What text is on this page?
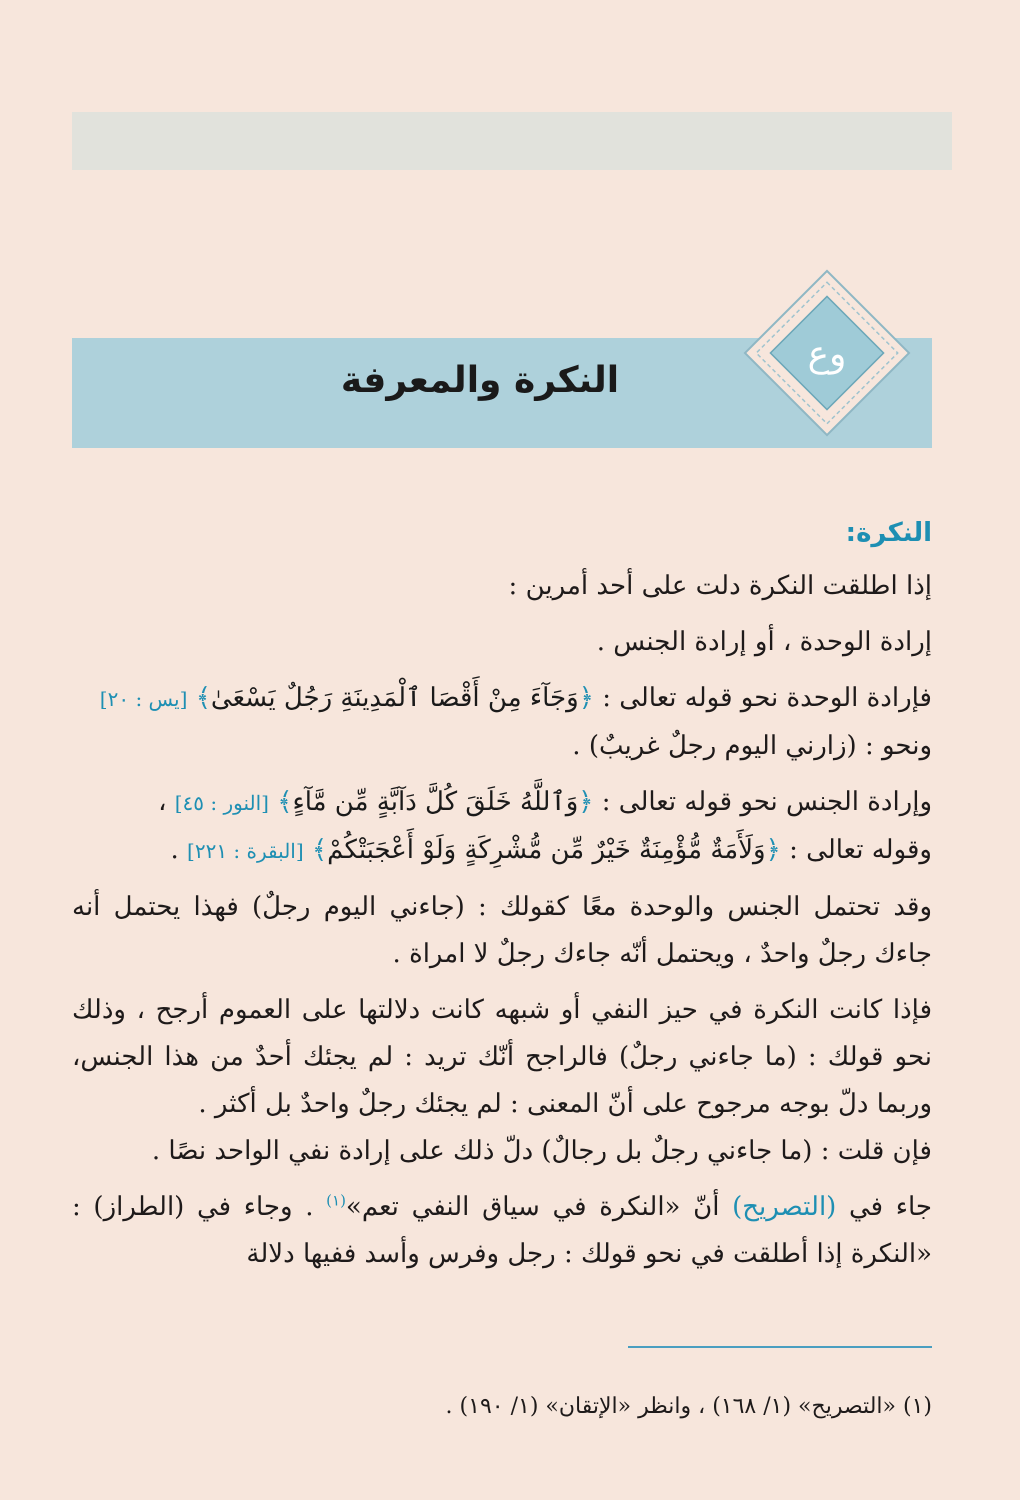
وع
النكرة والمعرفة

النكرة:

إذا اطلقت النكرة دلت على أحد أمرين :

إرادة الوحدة ، أو إرادة الجنس .

فإرادة الوحدة نحو قوله تعالى : ﴿وَجَآءَ مِنْ أَقْصَا ٱلْمَدِينَةِ رَجُلٌ يَسْعَىٰ﴾ [يس : ٢٠]

ونحو : (زارني اليوم رجلٌ غريبٌ) .

وإرادة الجنس نحو قوله تعالى : ﴿وَٱللَّهُ خَلَقَ كُلَّ دَآبَّةٍ مِّن مَّآءٍ﴾ [النور : ٤٥] ،

وقوله تعالى : ﴿وَلَأَمَةٌ مُّؤْمِنَةٌ خَيْرٌ مِّن مُّشْرِكَةٍ وَلَوْ أَعْجَبَتْكُمْ﴾ [البقرة : ٢٢١] .

وقد تحتمل الجنس والوحدة معًا كقولك : (جاءني اليوم رجلٌ) فهذا يحتمل أنه جاءك رجلٌ واحدٌ ، ويحتمل أنّه جاءك رجلٌ لا امراة .

فإذا كانت النكرة في حيز النفي أو شبهه كانت دلالتها على العموم أرجح ، وذلك نحو قولك : (ما جاءني رجلٌ) فالراجح أنّك تريد : لم يجئك أحدٌ من هذا الجنس، وربما دلّ بوجه مرجوح على أنّ المعنى : لم يجئك رجلٌ واحدٌ بل أكثر .

فإن قلت : (ما جاءني رجلٌ بل رجالٌ) دلّ ذلك على إرادة نفي الواحد نصًا .

جاء في (التصريح) أنّ «النكرة في سياق النفي تعم»$^{(١)}$ . وجاء في (الطراز) : «النكرة إذا أطلقت في نحو قولك : رجل وفرس وأسد ففيها دلالة

(١) «التصريح» (١/ ١٦٨) ، وانظر «الإتقان» (١/ ١٩٠) .
